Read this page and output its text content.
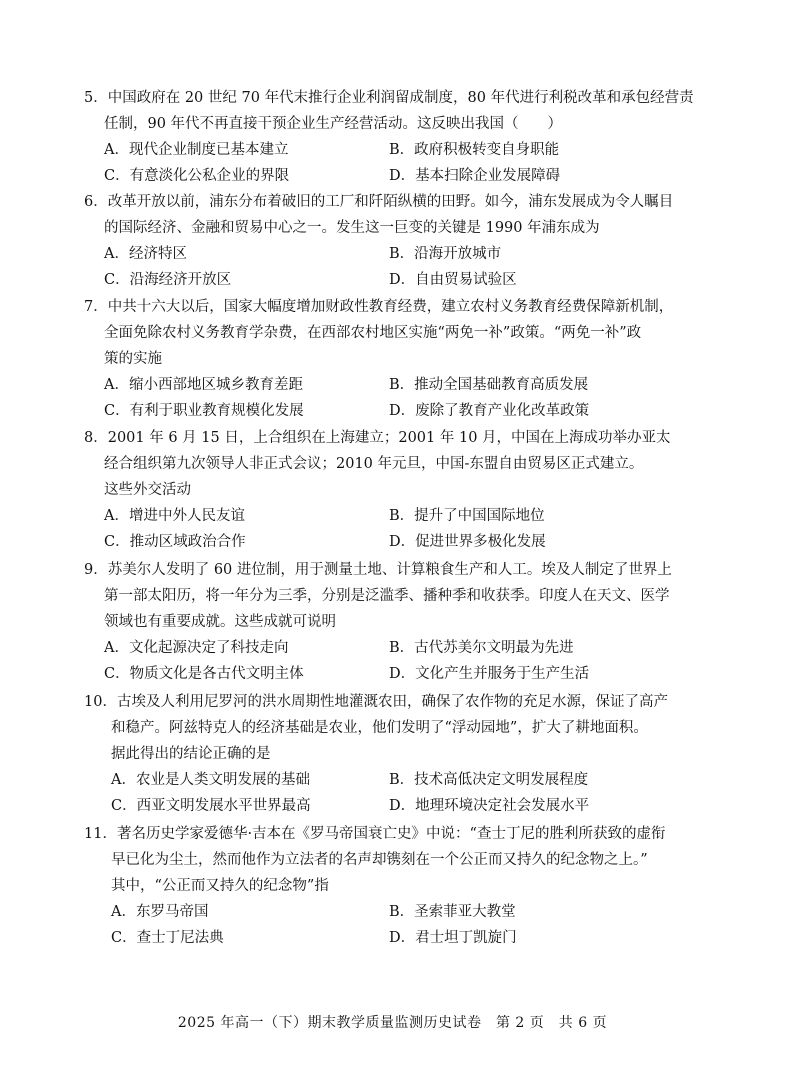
5．中国政府在 20 世纪 70 年代末推行企业利润留成制度，80 年代进行利税改革和承包经营责
任制，90 年代不再直接干预企业生产经营活动。这反映出我国（　　）
A．现代企业制度已基本建立	B．政府积极转变自身职能
C．有意淡化公私企业的界限	D．基本扫除企业发展障碍
6．改革开放以前，浦东分布着破旧的工厂和阡陌纵横的田野。如今，浦东发展成为令人瞩目
的国际经济、金融和贸易中心之一。发生这一巨变的关键是 1990 年浦东成为
A．经济特区	B．沿海开放城市
C．沿海经济开放区	D．自由贸易试验区
7．中共十六大以后，国家大幅度增加财政性教育经费，建立农村义务教育经费保障新机制，
全面免除农村义务教育学杂费，在西部农村地区实施“两免一补”政策。“两免一补”政
策的实施
A．缩小西部地区城乡教育差距	B．推动全国基础教育高质发展
C．有利于职业教育规模化发展	D．废除了教育产业化改革政策
8．2001 年 6 月 15 日，上合组织在上海建立；2001 年 10 月，中国在上海成功举办亚太
经合组织第九次领导人非正式会议；2010 年元旦，中国-东盟自由贸易区正式建立。
这些外交活动
A．增进中外人民友谊	B．提升了中国国际地位
C．推动区域政治合作	D．促进世界多极化发展
9．苏美尔人发明了 60 进位制，用于测量土地、计算粮食生产和人工。埃及人制定了世界上
第一部太阳历，将一年分为三季，分别是泛滥季、播种季和收获季。印度人在天文、医学
领域也有重要成就。这些成就可说明
A．文化起源决定了科技走向	B．古代苏美尔文明最为先进
C．物质文化是各古代文明主体	D．文化产生并服务于生产生活
10．古埃及人利用尼罗河的洪水周期性地灌溉农田，确保了农作物的充足水源，保证了高产
和稳产。阿兹特克人的经济基础是农业，他们发明了“浮动园地”，扩大了耕地面积。
据此得出的结论正确的是
A．农业是人类文明发展的基础	B．技术高低决定文明发展程度
C．西亚文明发展水平世界最高	D．地理环境决定社会发展水平
11．著名历史学家爱德华·吉本在《罗马帝国衰亡史》中说：“查士丁尼的胜利所获致的虚衔
早已化为尘土，然而他作为立法者的名声却镌刻在一个公正而又持久的纪念物之上。”
其中，“公正而又持久的纪念物”指
A．东罗马帝国	B．圣索菲亚大教堂
C．查士丁尼法典	D．君士坦丁凯旋门
2025 年高一（下）期末教学质量监测历史试卷　第 2 页　共 6 页
